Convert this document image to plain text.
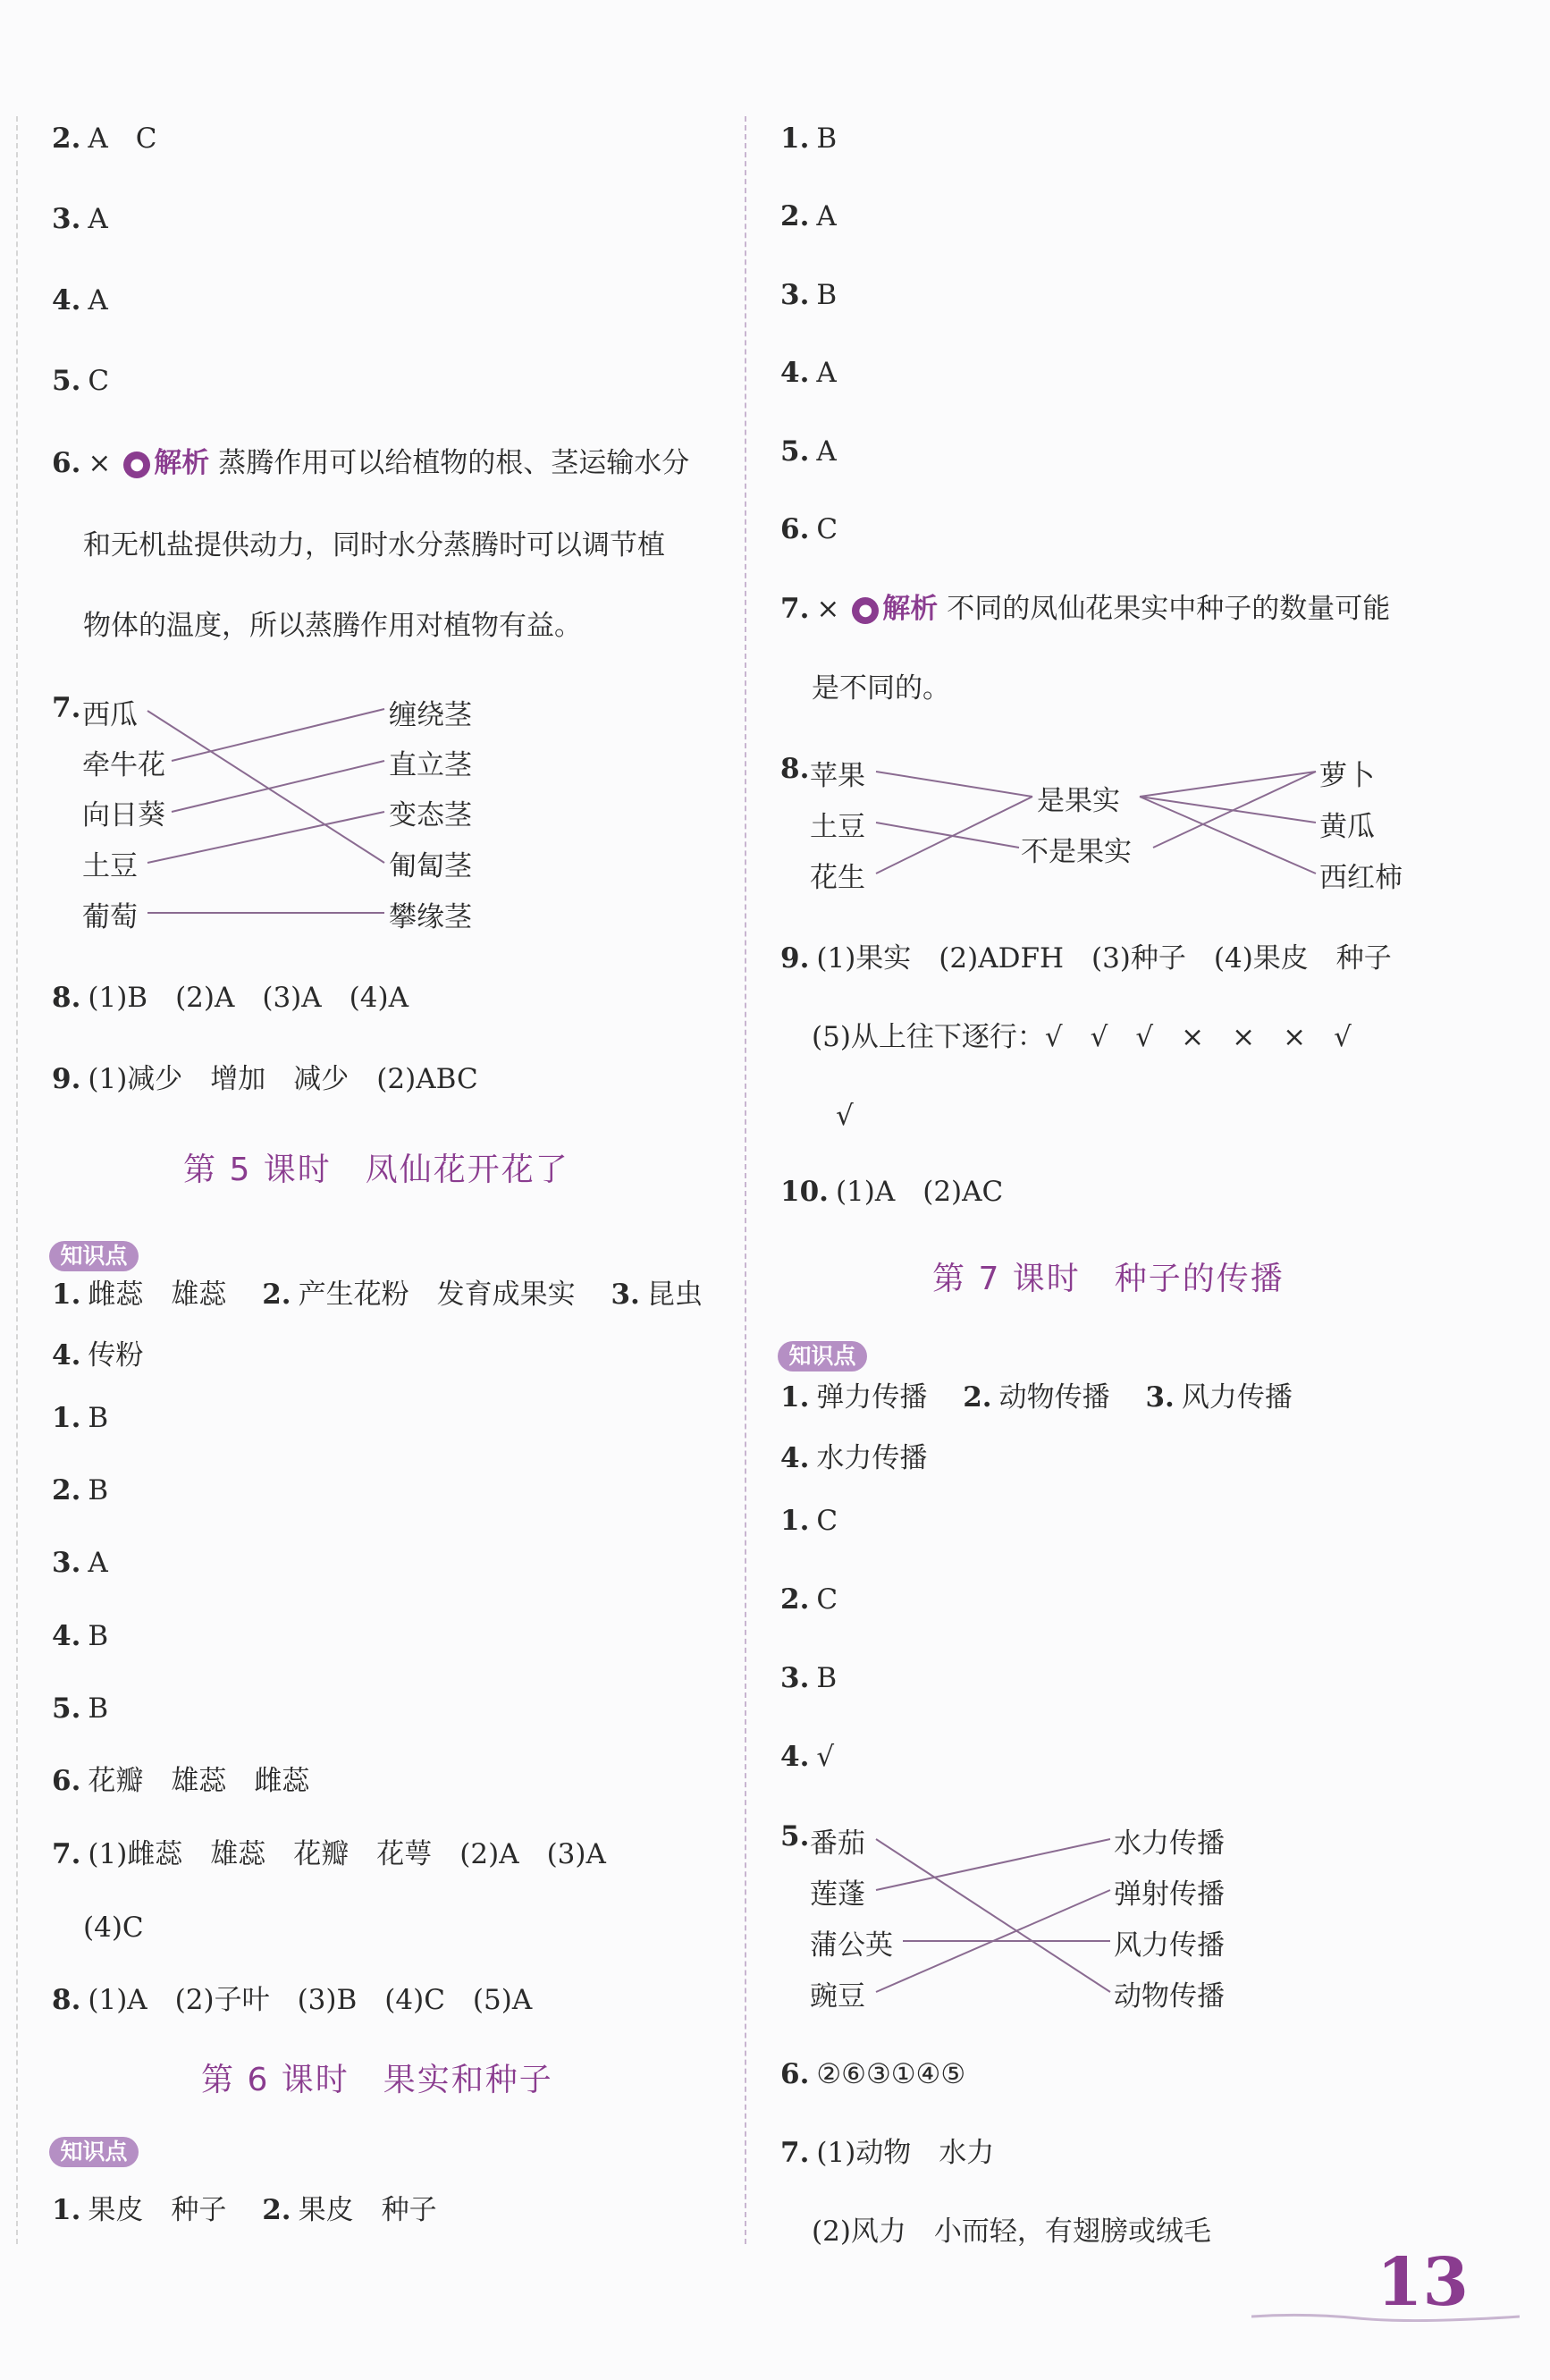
2. A　C
3. A
4. A
5. C
6. × ● 解析 蒸腾作用可以给植物的根、茎运输水分
和无机盐提供动力，同时水分蒸腾时可以调节植
物体的温度，所以蒸腾作用对植物有益。
7. 西瓜
牵牛花
向日葵
土豆
葡萄
缠绕茎
直立茎
变态茎
匍匐茎
攀缘茎
8. (1)B　(2)A　(3)A　(4)A
9. (1)减少　增加　减少　(2)ABC
第 5 课时　凤仙花开花了
知识点
1. 雌蕊　雄蕊 2. 产生花粉　发育成果实 3. 昆虫
4. 传粉
1. B
2. B
3. A
4. B
5. B
6. 花瓣　雄蕊　雌蕊
7. (1)雌蕊　雄蕊　花瓣　花萼　(2)A　(3)A
(4)C
8. (1)A　(2)子叶　(3)B　(4)C　(5)A
第 6 课时　果实和种子
知识点
1. 果皮　种子 2. 果皮　种子
1. B
2. A
3. B
4. A
5. A
6. C
7. × ● 解析 不同的凤仙花果实中种子的数量可能
是不同的。
8. 苹果
土豆
花生
是果实
不是果实
萝卜
黄瓜
西红柿
9. (1)果实　(2)ADFH　(3)种子　(4)果皮　种子
(5)从上往下逐行：√　√　√　×　×　×　√
√
10. (1)A　(2)AC
第 7 课时　种子的传播
知识点
1. 弹力传播 2. 动物传播 3. 风力传播
4. 水力传播
1. C
2. C
3. B
4. √
5. 番茄
莲蓬
蒲公英
豌豆
水力传播
弹射传播
风力传播
动物传播
6. ②⑥③①④⑤
7. (1)动物　水力
(2)风力　小而轻，有翅膀或绒毛
13
